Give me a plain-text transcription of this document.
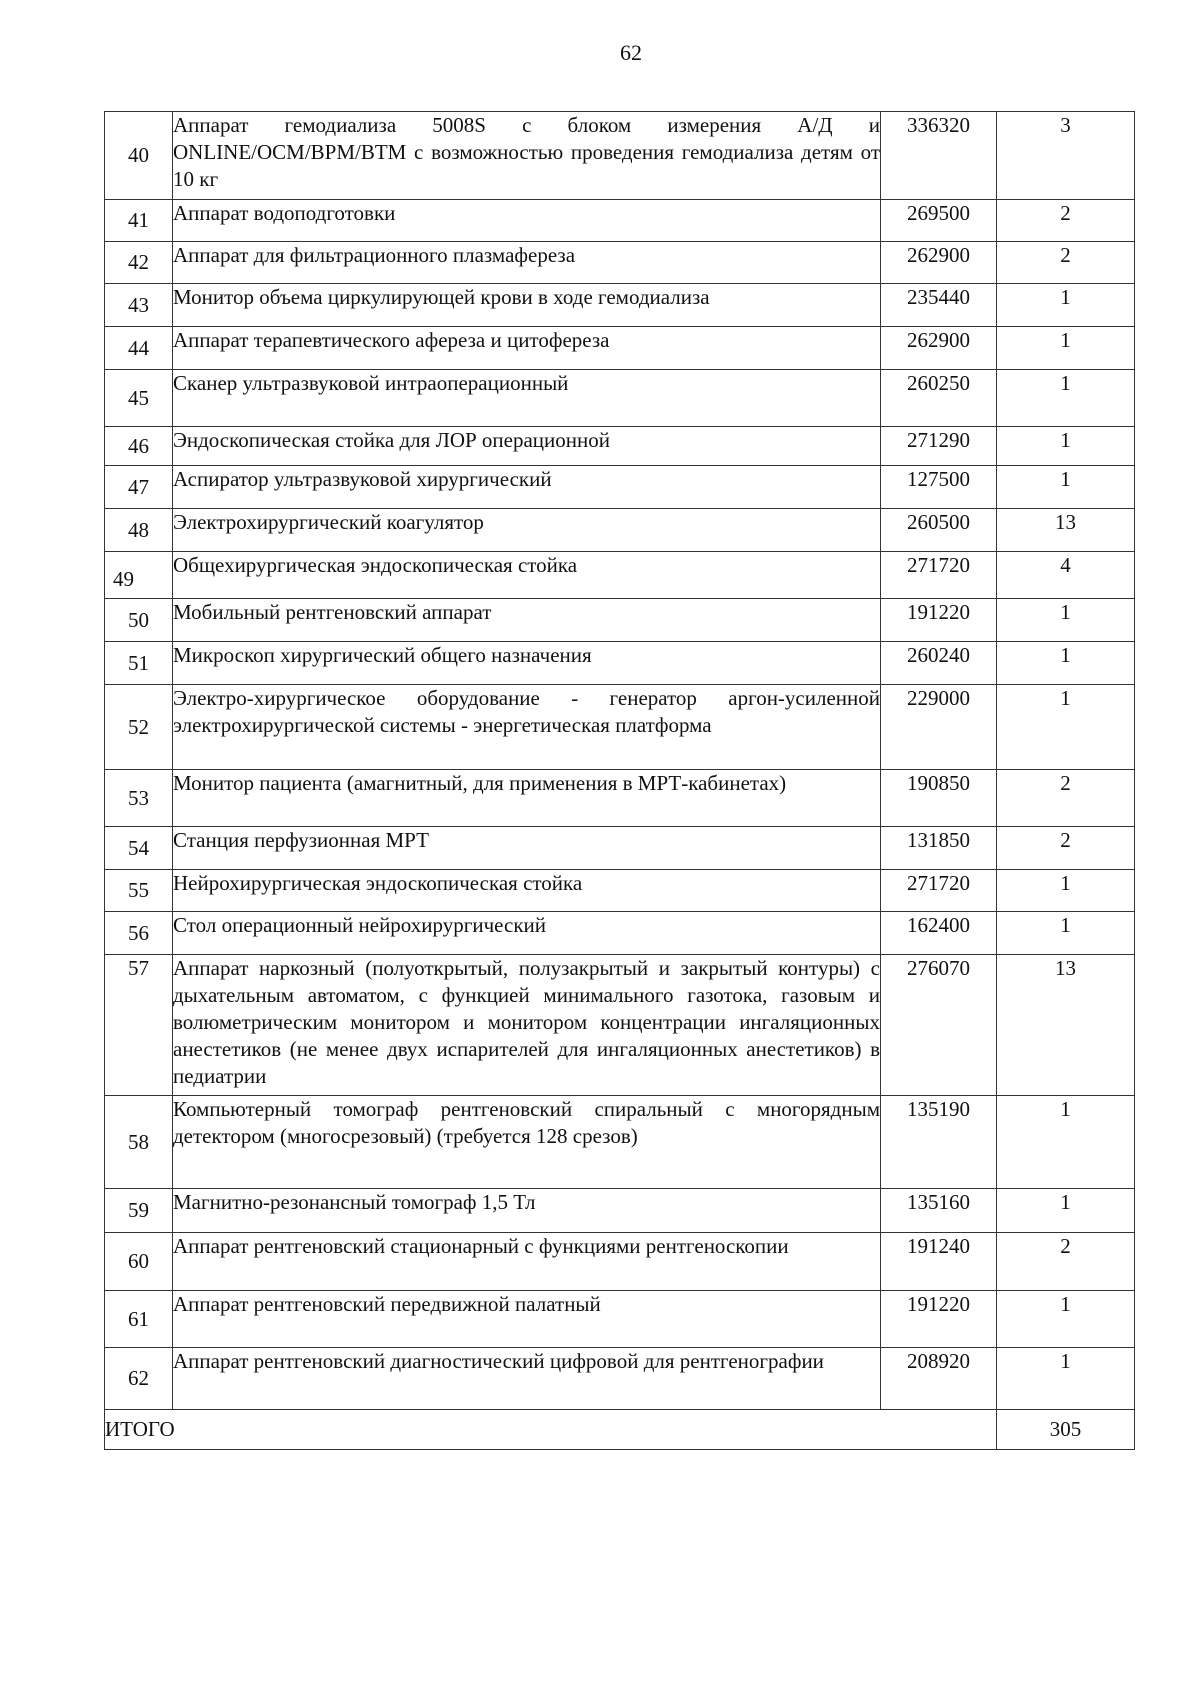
62
40	Аппарат гемодиализа 5008S с блоком измерения А/Д и ONLINE/OCM/BPM/BTM с возможностью проведения гемодиализа детям от 10 кг	336320	3
41	Аппарат водоподготовки	269500	2
42	Аппарат для фильтрационного плазмафереза	262900	2
43	Монитор объема циркулирующей крови в ходе гемодиализа	235440	1
44	Аппарат терапевтического афереза и цитофереза	262900	1
45	Сканер ультразвуковой интраоперационный	260250	1
46	Эндоскопическая стойка для ЛОР операционной	271290	1
47	Аспиратор ультразвуковой хирургический	127500	1
48	Электрохирургический коагулятор	260500	13
49	Общехирургическая эндоскопическая стойка	271720	4
50	Мобильный рентгеновский аппарат	191220	1
51	Микроскоп хирургический общего назначения	260240	1
52	Электро-хирургическое оборудование - генератор аргон-усиленной электрохирургической системы - энергетическая платформа	229000	1
53	Монитор пациента (амагнитный, для применения в МРТ-кабинетах)	190850	2
54	Станция перфузионная МРТ	131850	2
55	Нейрохирургическая эндоскопическая стойка	271720	1
56	Стол операционный нейрохирургический	162400	1
57	Аппарат наркозный (полуоткрытый, полузакрытый и закрытый контуры) с дыхательным автоматом, с функцией минимального газотока, газовым и волюметрическим монитором и монитором концентрации ингаляционных анестетиков (не менее двух испарителей для ингаляционных анестетиков) в педиатрии	276070	13
58	Компьютерный томограф рентгеновский спиральный с многорядным детектором (многосрезовый) (требуется 128 срезов)	135190	1
59	Магнитно-резонансный томограф 1,5 Тл	135160	1
60	Аппарат рентгеновский стационарный с функциями рентгеноскопии	191240	2
61	Аппарат рентгеновский передвижной палатный	191220	1
62	Аппарат рентгеновский диагностический цифровой для рентгенографии	208920	1
ИТОГО			305
